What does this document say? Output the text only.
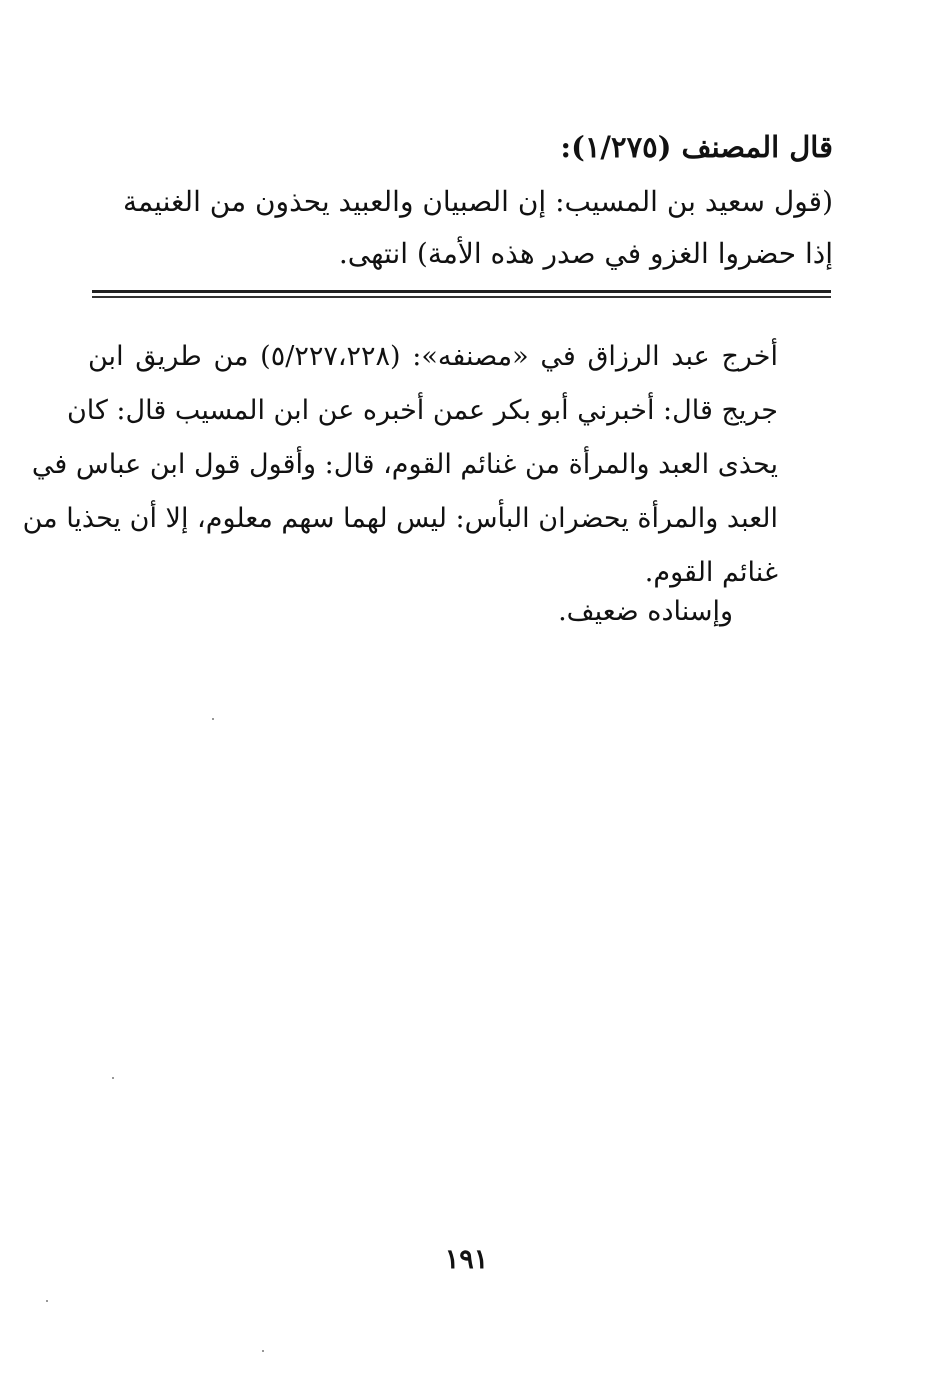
قال المصنف (١/٢٧٥):

(قول سعيد بن المسيب: إن الصبيان والعبيد يحذون من الغنيمة
إذا حضروا الغزو في صدر هذه الأمة) انتهى.

أخرج عبد الرزاق في «مصنفه»: (٥/٢٢٧،٢٢٨) من طريق ابن
جريج قال: أخبرني أبو بكر عمن أخبره عن ابن المسيب قال: كان
يحذى العبد والمرأة من غنائم القوم، قال: وأقول قول ابن عباس في
العبد والمرأة يحضران البأس: ليس لهما سهم معلوم، إلا أن يحذيا من
غنائم القوم.

وإسناده ضعيف.

١٩١
